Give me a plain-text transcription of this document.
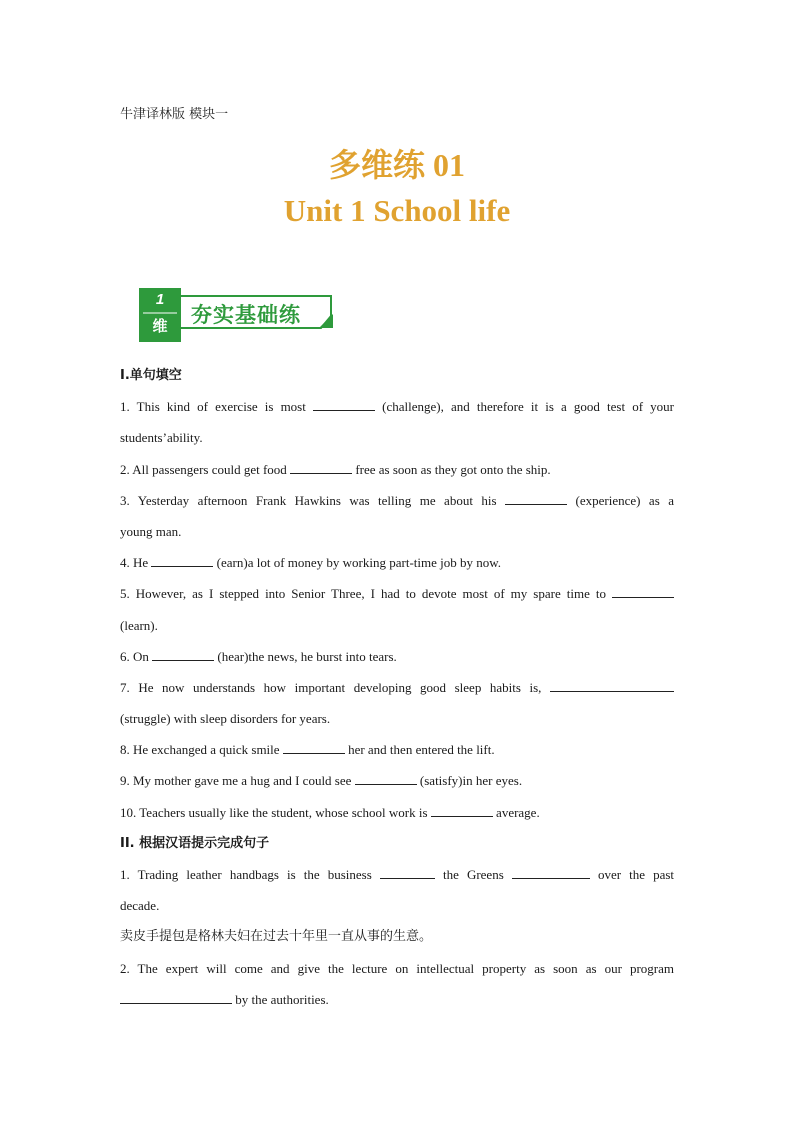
牛津译林版 模块一
多维练 01
Unit 1 School life
1
维	夯实基础练
I.单句填空
1. This kind of exercise is most	(challenge), and therefore it is a good test of your
students’ability.
2. All passengers could get food	free as soon as they got onto the ship.
3. Yesterday afternoon Frank Hawkins was telling me about his	(experience) as a
young man.
4. He	(earn)a lot of money by working part-time job by now.
5. However, as I stepped into Senior Three, I had to devote most of my spare time to
(learn).
6. On	(hear)the news, he burst into tears.
7. He now understands how important developing good sleep habits is,
(struggle) with sleep disorders for years.
8. He exchanged a quick smile	her and then entered the lift.
9. My mother gave me a hug and I could see	(satisfy)in her eyes.
10. Teachers usually like the student, whose school work is	average.
II. 根据汉语提示完成句子
1. Trading leather handbags is the business	the Greens	over the past
decade.
卖皮手提包是格林夫妇在过去十年里一直从事的生意。
2. The expert will come and give the lecture on intellectual property as soon as our program
by the authorities.
